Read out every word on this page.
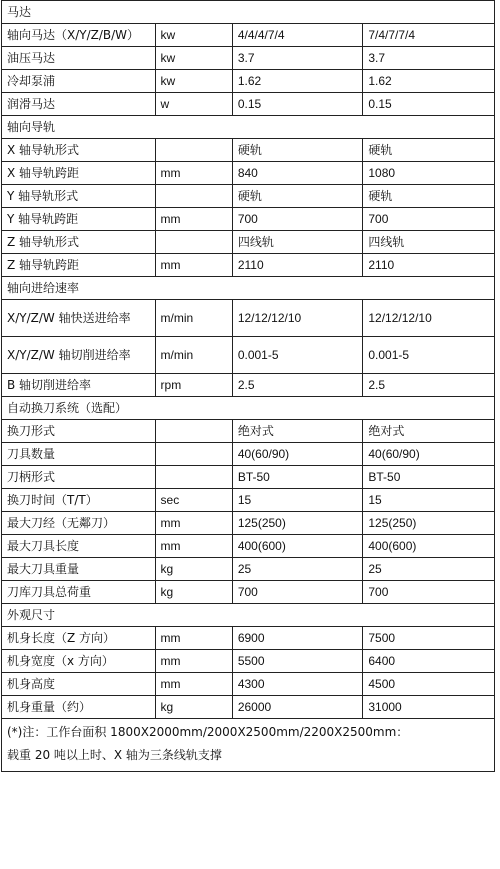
马达			
轴向马达（X/Y/Z/B/W）	kw	4/4/4/7/4	7/4/7/7/4
油压马达	kw	3.7	3.7
冷却泵浦	kw	1.62	1.62
润滑马达	w	0.15	0.15
轴向导轨			
X 轴导轨形式		硬轨	硬轨
X 轴导轨跨距	mm	840	1080
Y 轴导轨形式		硬轨	硬轨
Y 轴导轨跨距	mm	700	700
Z 轴导轨形式		四线轨	四线轨
Z 轴导轨跨距	mm	2110	2110
轴向进给速率			
X/Y/Z/W 轴快送进给率	m/min	12/12/12/10	12/12/12/10
X/Y/Z/W 轴切削进给率	m/min	0.001-5	0.001-5
B 轴切削进给率	rpm	2.5	2.5
自动换刀系统（选配）			
换刀形式		绝对式	绝对式
刀具数量		40(60/90)	40(60/90)
刀柄形式		BT-50	BT-50
换刀时间（T/T）	sec	15	15
最大刀经（无鄰刀）	mm	125(250)	125(250)
最大刀具长度	mm	400(600)	400(600)
最大刀具重量	kg	25	25
刀库刀具总荷重	kg	700	700
外观尺寸			
机身长度（Z 方向）	mm	6900	7500
机身宽度（x 方向）	mm	5500	6400
机身高度	mm	4300	4500
机身重量（约）	kg	26000	31000

(*)注：工作台面积 1800X2000mm/2000X2500mm/2200X2500mm：
载重 20 吨以上时、X 轴为三条线轨支撑			
